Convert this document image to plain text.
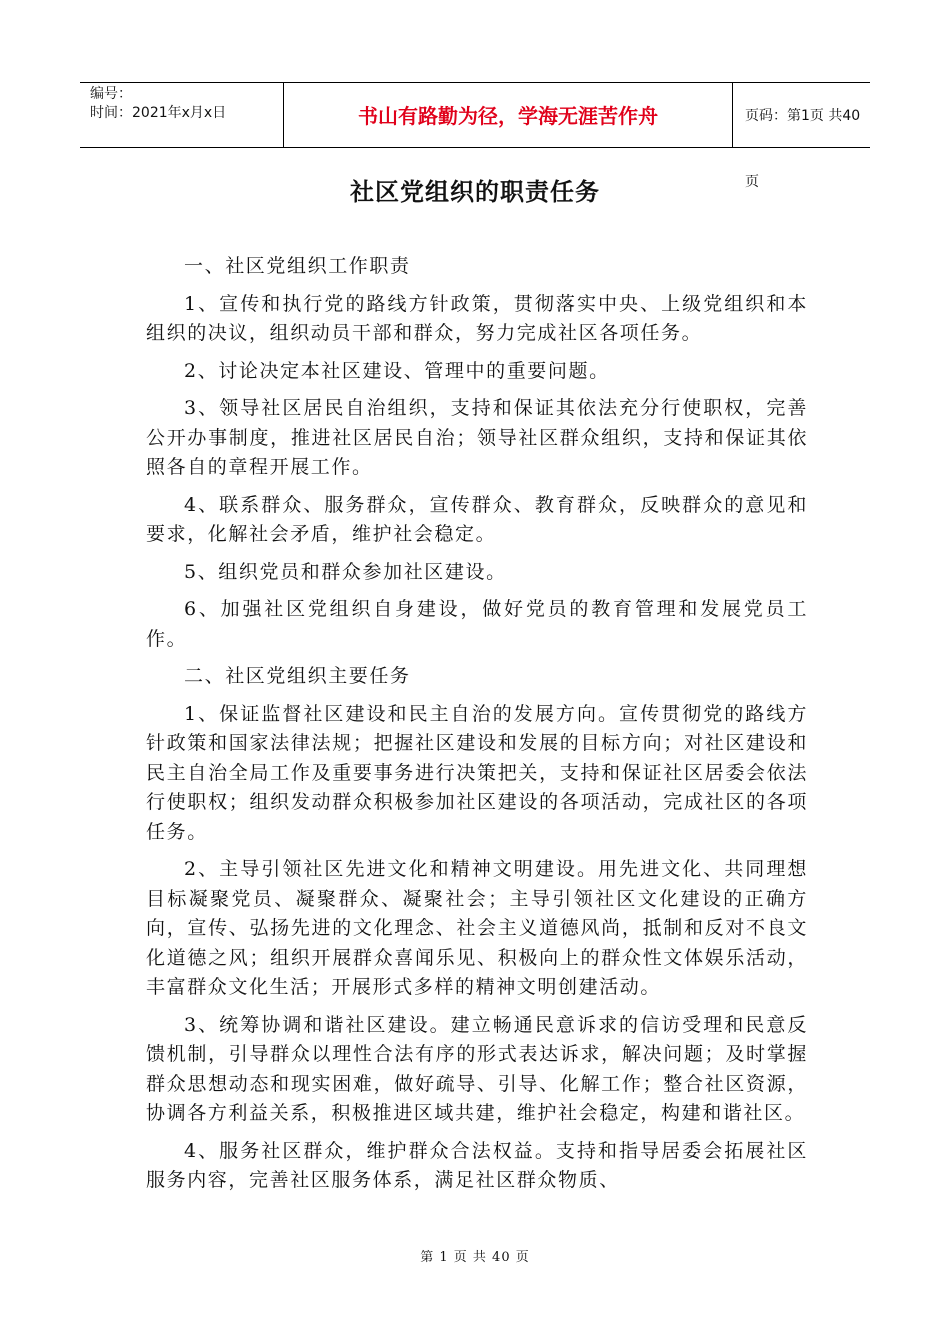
编号：
时间：2021年x月x日	书山有路勤为径，学海无涯苦作舟	页码：第1页 共40页
社区党组织的职责任务

一、社区党组织工作职责

1、宣传和执行党的路线方针政策，贯彻落实中央、上级党组织和本组织的决议，组织动员干部和群众，努力完成社区各项任务。

2、讨论决定本社区建设、管理中的重要问题。

3、领导社区居民自治组织，支持和保证其依法充分行使职权，完善公开办事制度，推进社区居民自治；领导社区群众组织，支持和保证其依照各自的章程开展工作。

4、联系群众、服务群众，宣传群众、教育群众，反映群众的意见和要求，化解社会矛盾，维护社会稳定。

5、组织党员和群众参加社区建设。

6、加强社区党组织自身建设，做好党员的教育管理和发展党员工作。

二、社区党组织主要任务

1、保证监督社区建设和民主自治的发展方向。宣传贯彻党的路线方针政策和国家法律法规；把握社区建设和发展的目标方向；对社区建设和民主自治全局工作及重要事务进行决策把关，支持和保证社区居委会依法行使职权；组织发动群众积极参加社区建设的各项活动，完成社区的各项任务。

2、主导引领社区先进文化和精神文明建设。用先进文化、共同理想目标凝聚党员、凝聚群众、凝聚社会；主导引领社区文化建设的正确方向，宣传、弘扬先进的文化理念、社会主义道德风尚，抵制和反对不良文化道德之风；组织开展群众喜闻乐见、积极向上的群众性文体娱乐活动，丰富群众文化生活；开展形式多样的精神文明创建活动。

3、统筹协调和谐社区建设。建立畅通民意诉求的信访受理和民意反馈机制，引导群众以理性合法有序的形式表达诉求，解决问题；及时掌握群众思想动态和现实困难，做好疏导、引导、化解工作；整合社区资源，协调各方利益关系，积极推进区域共建，维护社会稳定，构建和谐社区。

4、服务社区群众，维护群众合法权益。支持和指导居委会拓展社区服务内容，完善社区服务体系，满足社区群众物质、

第 1 页 共 40 页
